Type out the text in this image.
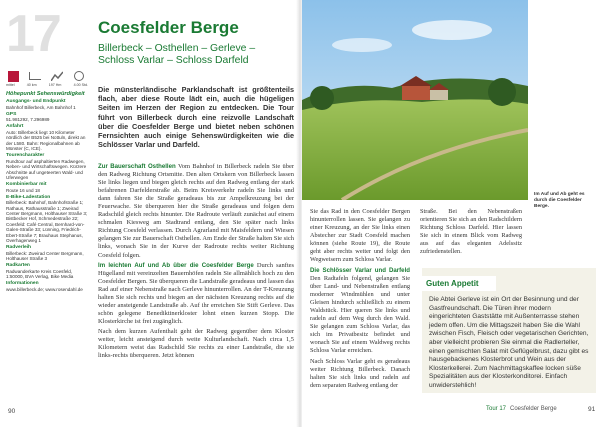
17
mittel	40 km	197 Hm	4.00 Std.
Höhepunkt Sehenswürdigkeit
Ausgangs- und Endpunkt
Bahnhof Billerbeck, Am Bahnhof 1
GPS
51.981292, 7.296989
Anfahrt
Auto: Billerbeck liegt 10 Kilometer nördlich der B525 bei Nottuln, direkt an der L580. Bahn: Regionalbahnen ab Münster (C, ICE).
Tourencharakter
Rundtour auf asphaltierten Radwegen, Neben- und Wirtschaftswegen. Kürzere Abschnitte auf ungeteerten Wald- und Uferwegen
Kombinierbar mit
Route 16 und 18
E-Bike-Ladestation
Billerbeck: Bahnhof, Bahnhofstraße 1; Rathaus, Rathausstraße 1; Zweirad Center Bergmann, Holthauser Straße 3; Bistbecker Hof, Schmedestraße 22; Coesfeld: Café Central, Bernhard-von-Galen-Straße 33; Lünning, Friedrich-Ebert-Straße 7; Brauhaus Stephanus, Overhagenweg 1
Radverleih
Billerbeck: Zweirad Center Bergmann, Holthauser Straße 3
Radkarten
Radwanderkarte Kreis Coesfeld, 1:50000, BVA Verlag, Bike Media
Informationen
www.billerbeck.de; www.rosendahl.de
Coesfelder Berge
Billerbeck – Osthellen – Gerleve – Schloss Varlar – Schloss Darfeld
Die münsterländische Parklandschaft ist größtenteils flach, aber diese Route lädt ein, auch die hügeligen Seiten im Herzen der Region zu entdecken. Die Tour führt von Billerbeck durch eine reizvolle Landschaft über die Coesfelder Berge und bietet neben schönen Fernsichten auch einige Sehenswürdigkeiten wie die Schlösser Varlar und Darfeld.

Zur Bauerschaft Osthellen Vom Bahnhof in Billerbeck radeln Sie über den Radweg Richtung Ortsmitte. Den alten Ortskern von Billerbeck lassen Sie links liegen und biegen gleich rechts auf den Radweg entlang der stark befahrenen Darfelderstraße ab. Beim Kreisverkehr radeln Sie links und dann fahren Sie die Straße geradeaus bis zur Ampelkreuzung bei der Feuerwache. Sie überqueren hier die Straße geradeaus und folgen dem Radschild gleich rechts hinunter. Die Radroute verläuft zunächst auf einem schmalen Kiesweg am Stadtrand entlang, den Sie später nach links Richtung Coesfeld verlassen. Durch Agrarland mit Maisfeldern und Wiesen gelangen Sie zur Bauerschaft Osthellen. Am Ende der Straße halten Sie sich links, wonach Sie in der Kurve der Radroute rechts weiter Richtung Coesfeld folgen.

Im leichten Auf und Ab über die Coesfelder Berge Durch sanftes Hügelland mit vereinzelten Bauernhöfen radeln Sie allmählich hoch zu den Coesfelder Bergen. Sie überqueren die Landstraße geradeaus und lassen das Rad auf einer Nebenstraße nach Gerleve hinunterrollen. An der T-Kreuzung halten Sie sich rechts und biegen an der nächsten Kreuzung rechts auf die wieder ansteigende Landstraße ab. Auf ihr erreichen Sie Stift Gerleve. Das schön gelegene Benediktinerkloster lohnt einen kurzen Stopp. Die Klosterkirche ist frei zugänglich.

Nach dem kurzen Aufenthalt geht der Radweg gegenüber dem Kloster weiter, leicht ansteigend durch weite Kulturlandschaft. Nach circa 1,5 Kilometern weist das Radschild Sie rechts zu einer Landstraße, die sie links-rechts überqueren. Jetzt können

90
Im Auf und Ab geht es durch die Coesfelder Berge.

Sie das Rad in den Coesfelder Bergen hinunterrollen lassen. Sie gelangen zu einer Kreuzung, an der Sie links einen Abstecher zur Stadt Coesfeld machen können (siehe Route 19), die Route geht aber rechts weiter und folgt den Wegweisern zum Schloss Varlar.

Die Schlösser Varlar und Darfeld Den Radtafeln folgend, gelangen Sie über Land- und Nebenstraßen entlang moderner Windmühlen und unter Gleisen hindurch schließlich zu einem Waldstück. Hier queren Sie links und radeln auf dem Weg durch den Wald. Sie gelangen zum Schloss Varlar, das sich im Privatbesitz befindet und wonach Sie auf einem Waldweg rechts Schloss Varlar erreichen.

Nach Schloss Varlar geht es geradeaus weiter Richtung Billerbeck. Danach halten Sie sich links und radeln auf dem separaten Radweg entlang der

Straße. Bei den Nebenstraßen orientieren Sie sich an den Radschildern Richtung Schloss Darfeld. Hier lassen Sie sich in einem Blick vom Radweg aus auf das eleganten Adelssitz zufriedenstellen.

Guten Appetit
Die Abtei Gerleve ist ein Ort der Besinnung und der Gastfreundschaft. Die Türen ihrer modern eingerichteten Gaststätte mit Außenterrasse stehen jedem offen. Um die Mittagszeit haben Sie die Wahl zwischen Fisch, Fleisch oder vegetarischen Gerichten, aber vielleicht probieren Sie einmal die Radlerteller, einen gemischten Salat mit Geflügelbrust, dazu gibt es hausgebackenes Klosterbrot und Wein aus der Klosterkellerei. Zum Nachmittagskaffee locken süße Spezialitäten aus der Klosterkonditorei. Einfach unwiderstehlich!
Tour 17 Coesfelder Berge	91
